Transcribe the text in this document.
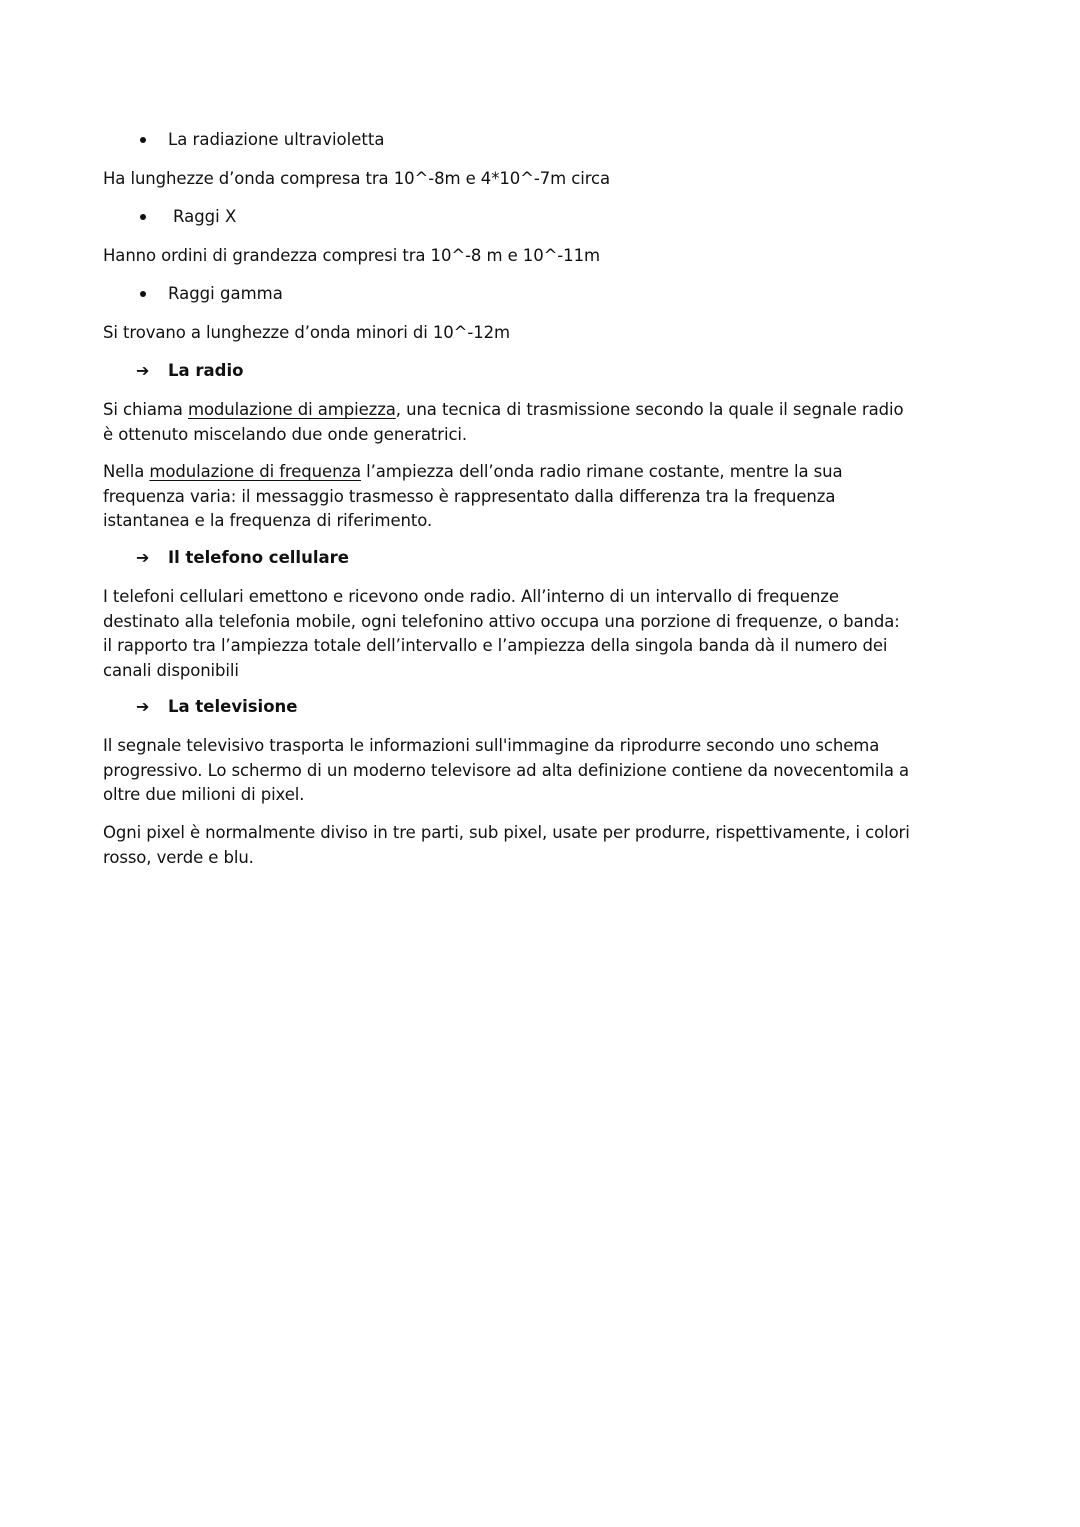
La radiazione ultravioletta
Ha lunghezze d’onda compresa tra 10^-8m e 4*10^-7m circa
Raggi X
Hanno ordini di grandezza compresi tra 10^-8 m e 10^-11m
Raggi gamma
Si trovano a lunghezze d’onda minori di 10^-12m
➔ La radio
Si chiama modulazione di ampiezza, una tecnica di trasmissione secondo la quale il segnale radio
è ottenuto miscelando due onde generatrici.
Nella modulazione di frequenza l’ampiezza dell’onda radio rimane costante, mentre la sua
frequenza varia: il messaggio trasmesso è rappresentato dalla differenza tra la frequenza
istantanea e la frequenza di riferimento.
➔ Il telefono cellulare
I telefoni cellulari emettono e ricevono onde radio. All’interno di un intervallo di frequenze
destinato alla telefonia mobile, ogni telefonino attivo occupa una porzione di frequenze, o banda:
il rapporto tra l’ampiezza totale dell’intervallo e l’ampiezza della singola banda dà il numero dei
canali disponibili
➔ La televisione
Il segnale televisivo trasporta le informazioni sull'immagine da riprodurre secondo uno schema
progressivo. Lo schermo di un moderno televisore ad alta definizione contiene da novecentomila a
oltre due milioni di pixel.
Ogni pixel è normalmente diviso in tre parti, sub pixel, usate per produrre, rispettivamente, i colori
rosso, verde e blu.
